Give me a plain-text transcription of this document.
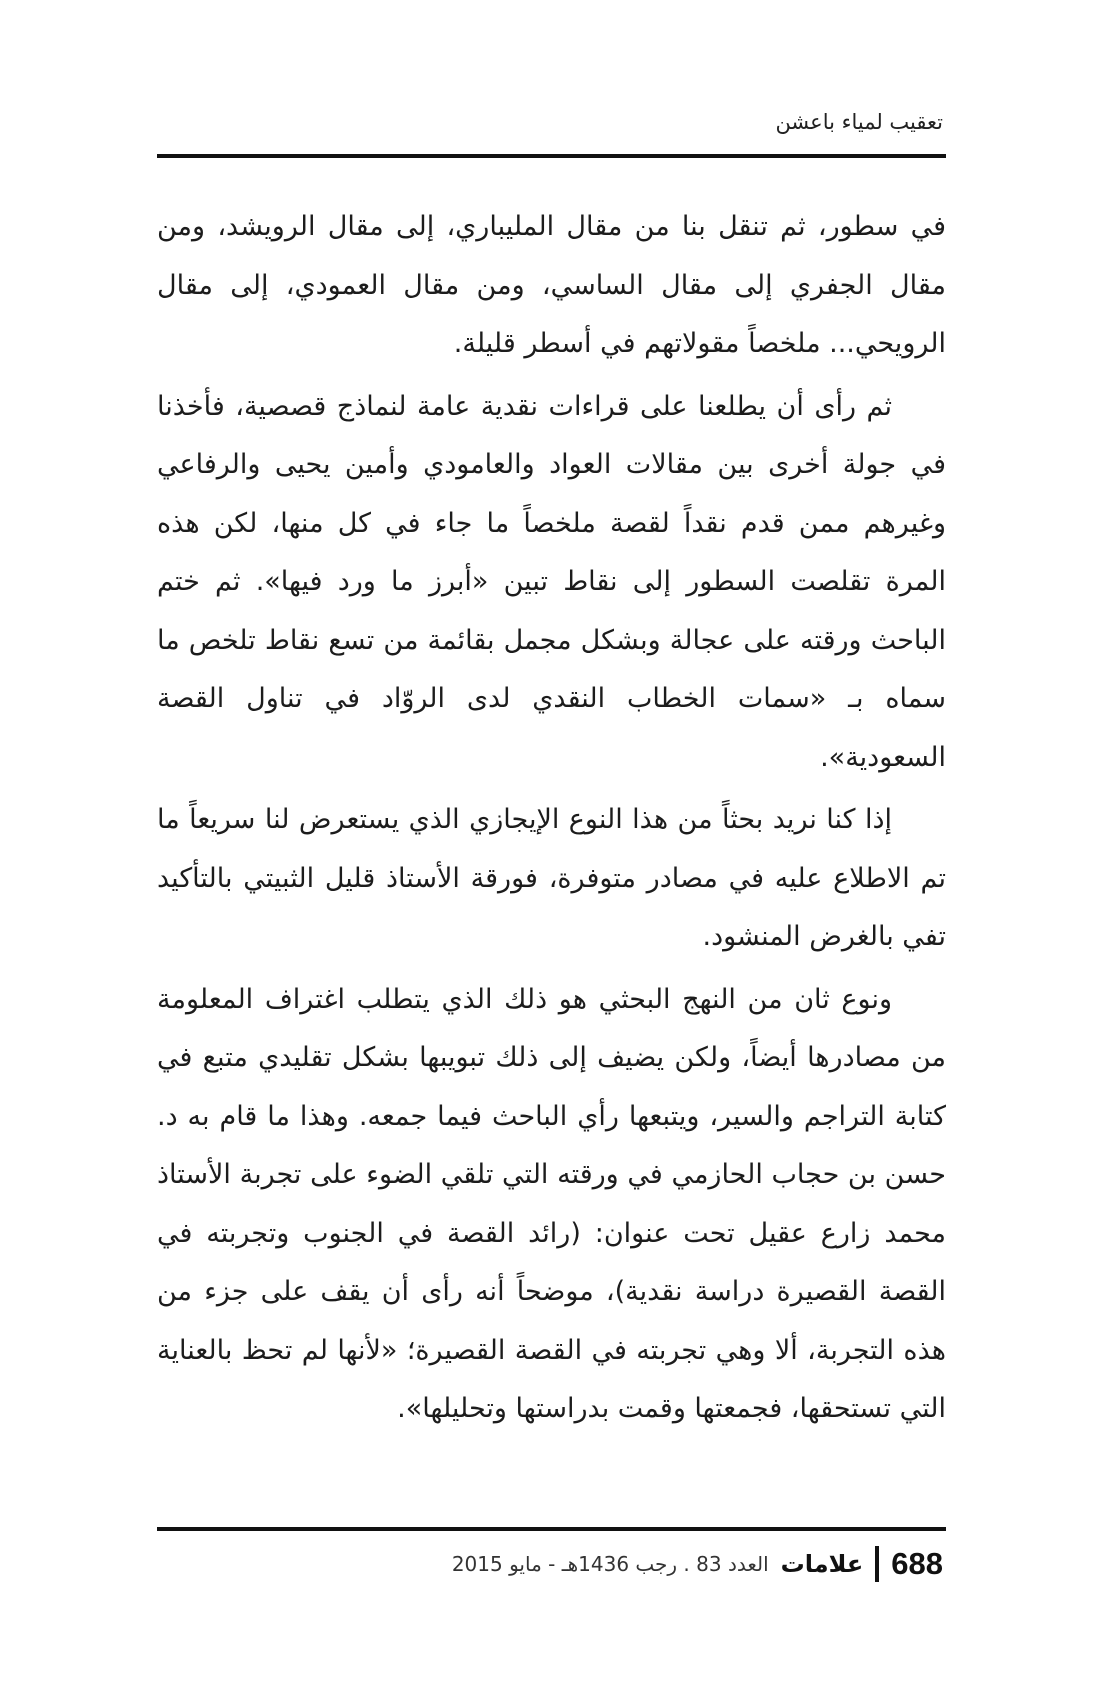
تعقيب لمياء باعشن

في سطور، ثم تنقل بنا من مقال المليباري، إلى مقال الرويشد، ومن مقال الجفري إلى مقال الساسي، ومن مقال العمودي، إلى مقال الرويحي... ملخصاً مقولاتهم في أسطر قليلة.

ثم رأى أن يطلعنا على قراءات نقدية عامة لنماذج قصصية، فأخذنا في جولة أخرى بين مقالات العواد والعامودي وأمين يحيى والرفاعي وغيرهم ممن قدم نقداً لقصة ملخصاً ما جاء في كل منها، لكن هذه المرة تقلصت السطور إلى نقاط تبين «أبرز ما ورد فيها». ثم ختم الباحث ورقته على عجالة وبشكل مجمل بقائمة من تسع نقاط تلخص ما سماه بـ «سمات الخطاب النقدي لدى الروّاد في تناول القصة السعودية».

إذا كنا نريد بحثاً من هذا النوع الإيجازي الذي يستعرض لنا سريعاً ما تم الاطلاع عليه في مصادر متوفرة، فورقة الأستاذ قليل الثبيتي بالتأكيد تفي بالغرض المنشود.

ونوع ثان من النهج البحثي هو ذلك الذي يتطلب اغتراف المعلومة من مصادرها أيضاً، ولكن يضيف إلى ذلك تبويبها بشكل تقليدي متبع في كتابة التراجم والسير، ويتبعها رأي الباحث فيما جمعه. وهذا ما قام به د. حسن بن حجاب الحازمي في ورقته التي تلقي الضوء على تجربة الأستاذ محمد زارع عقيل تحت عنوان: (رائد القصة في الجنوب وتجربته في القصة القصيرة دراسة نقدية)، موضحاً أنه رأى أن يقف على جزء من هذه التجربة، ألا وهي تجربته في القصة القصيرة؛ «لأنها لم تحظ بالعناية التي تستحقها، فجمعتها وقمت بدراستها وتحليلها».

688
علامات
العدد 83 . رجب 1436هـ - مايو 2015
